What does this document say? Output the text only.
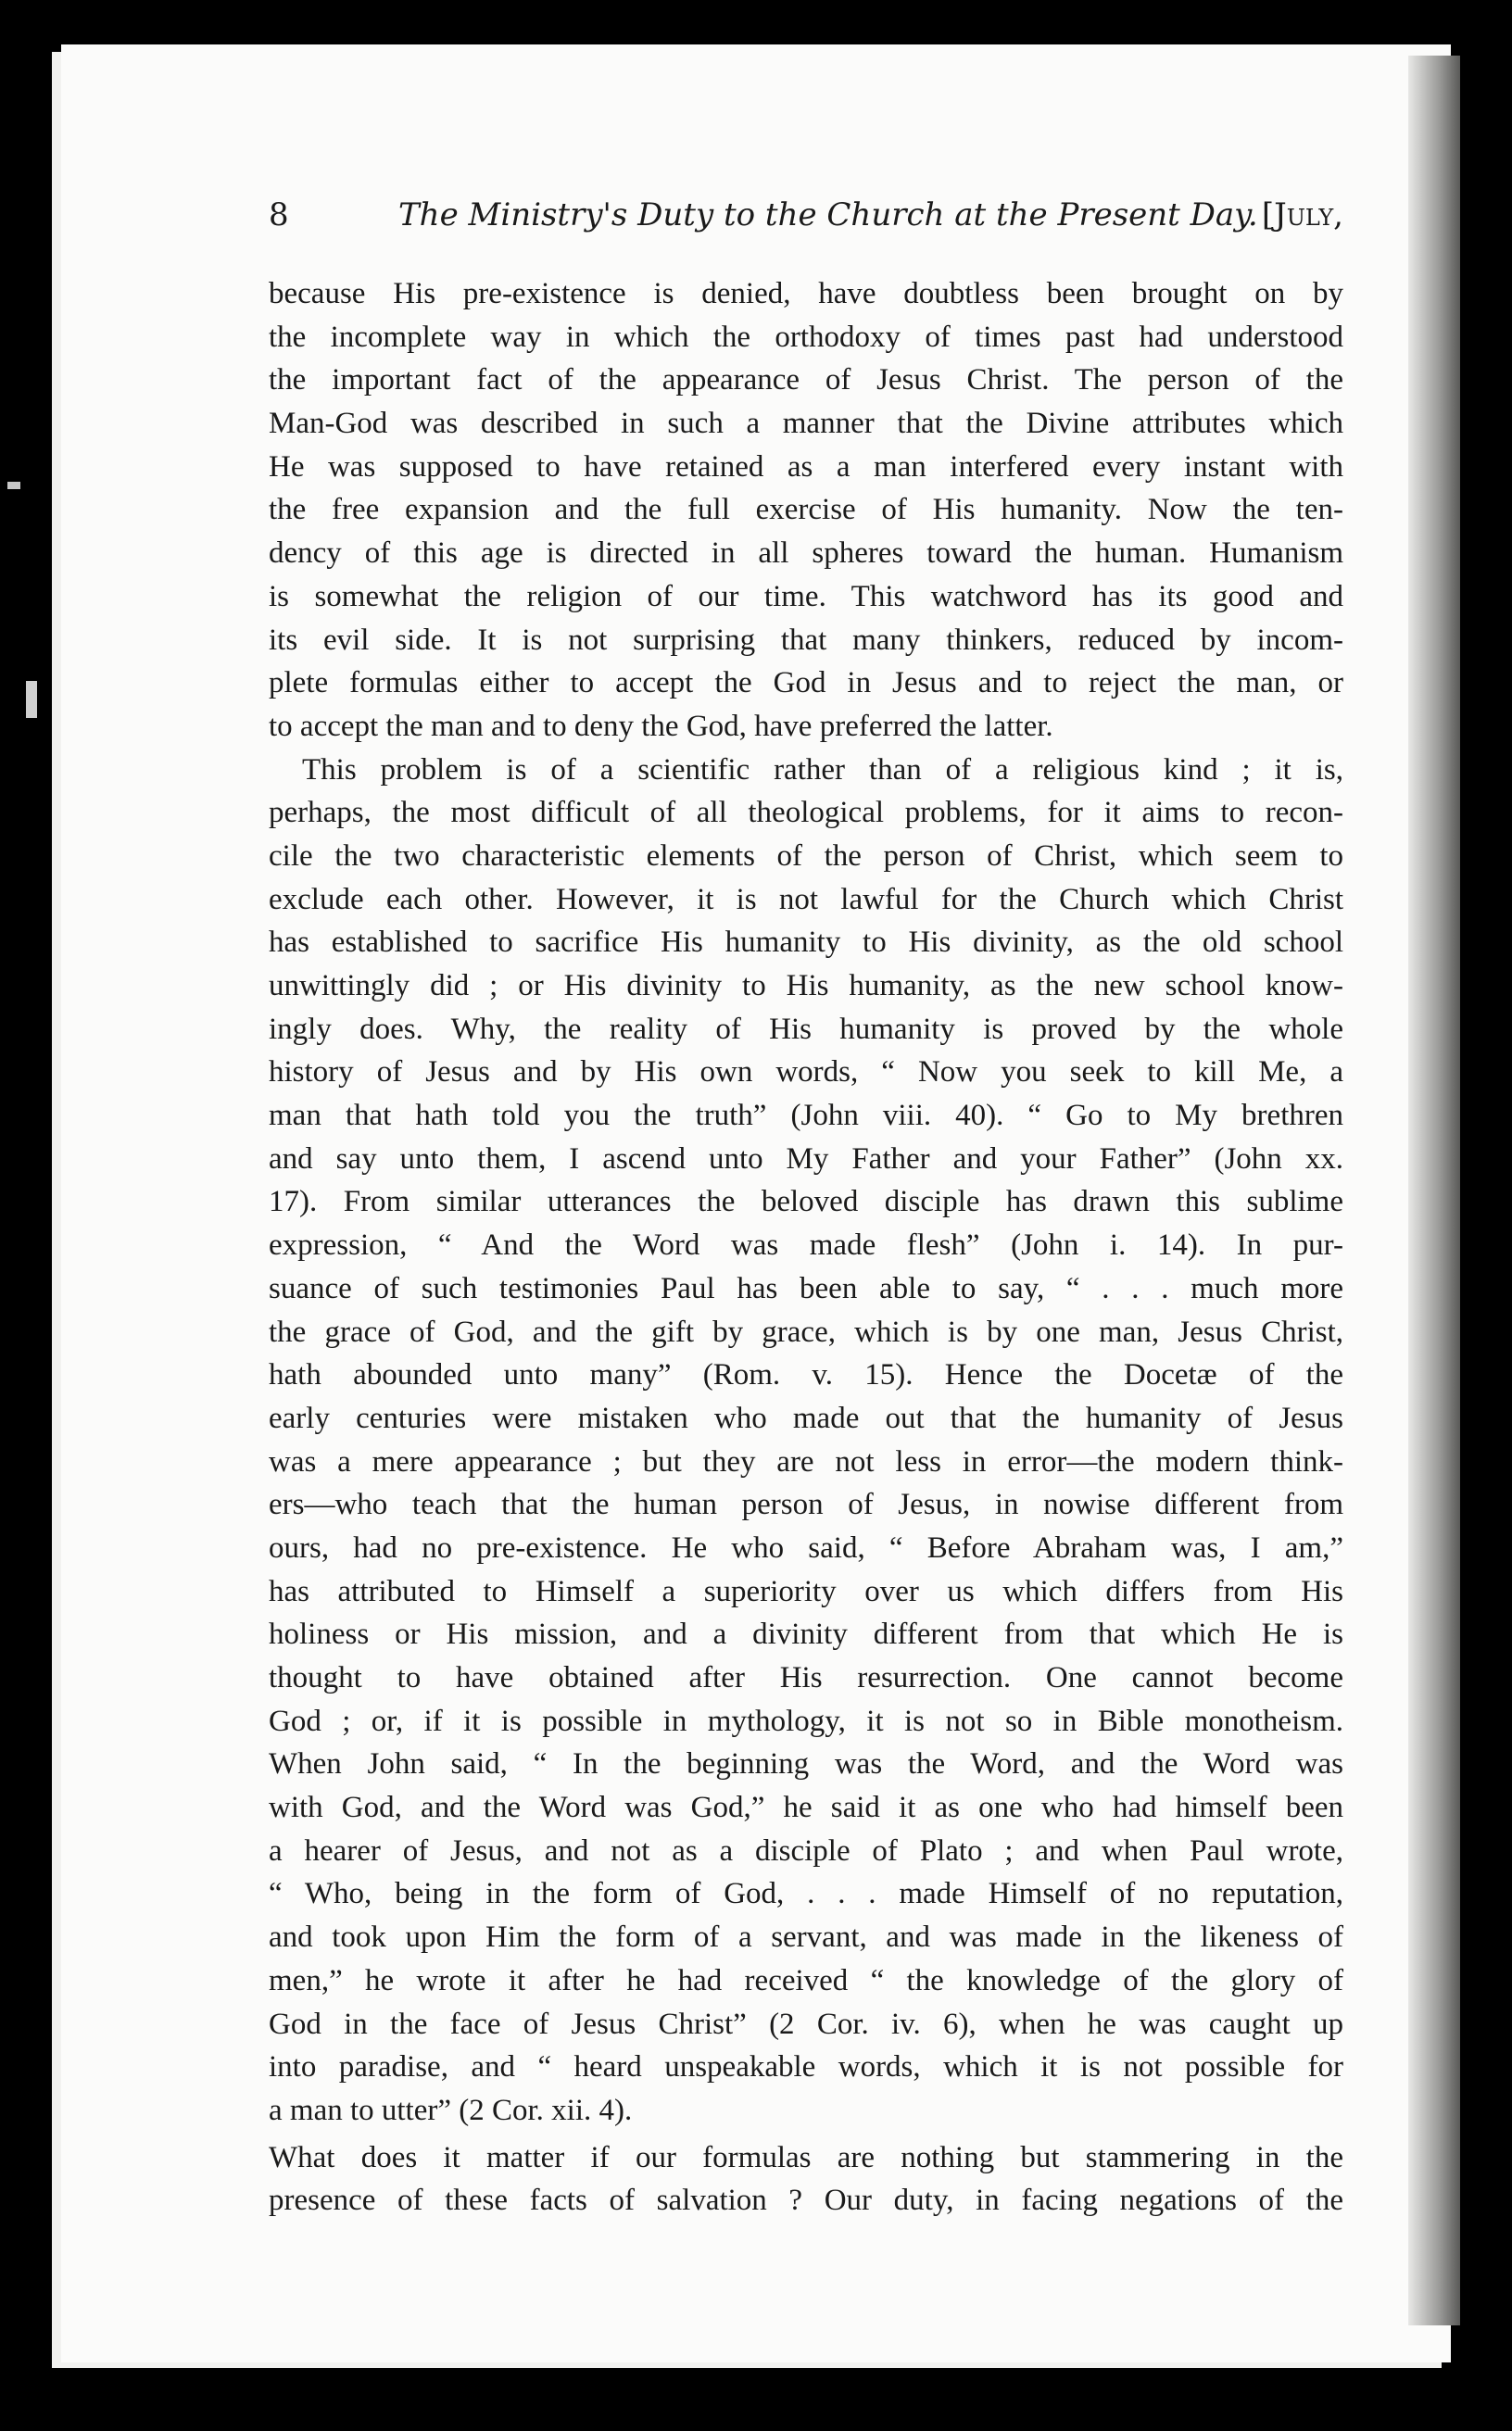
8	The Ministry's Duty to the Church at the Present Day. [July,
because His pre-existence is denied, have doubtless been brought on by
the incomplete way in which the orthodoxy of times past had understood
the important fact of the appearance of Jesus Christ. The person of the
Man-God was described in such a manner that the Divine attributes which
He was supposed to have retained as a man interfered every instant with
the free expansion and the full exercise of His humanity. Now the ten-
dency of this age is directed in all spheres toward the human. Humanism
is somewhat the religion of our time. This watchword has its good and
its evil side. It is not surprising that many thinkers, reduced by incom-
plete formulas either to accept the God in Jesus and to reject the man, or
to accept the man and to deny the God, have preferred the latter.
This problem is of a scientific rather than of a religious kind ; it is,
perhaps, the most difficult of all theological problems, for it aims to recon-
cile the two characteristic elements of the person of Christ, which seem to
exclude each other. However, it is not lawful for the Church which Christ
has established to sacrifice His humanity to His divinity, as the old school
unwittingly did ; or His divinity to His humanity, as the new school know-
ingly does. Why, the reality of His humanity is proved by the whole
history of Jesus and by His own words, “ Now you seek to kill Me, a
man that hath told you the truth” (John viii. 40). “ Go to My brethren
and say unto them, I ascend unto My Father and your Father” (John xx.
17). From similar utterances the beloved disciple has drawn this sublime
expression, “ And the Word was made flesh” (John i. 14). In pur-
suance of such testimonies Paul has been able to say, “ . . . much more
the grace of God, and the gift by grace, which is by one man, Jesus Christ,
hath abounded unto many” (Rom. v. 15). Hence the Docetæ of the
early centuries were mistaken who made out that the humanity of Jesus
was a mere appearance ; but they are not less in error—the modern think-
ers—who teach that the human person of Jesus, in nowise different from
ours, had no pre-existence. He who said, “ Before Abraham was, I am,”
has attributed to Himself a superiority over us which differs from His
holiness or His mission, and a divinity different from that which He is
thought to have obtained after His resurrection. One cannot become
God ; or, if it is possible in mythology, it is not so in Bible monotheism.
When John said, “ In the beginning was the Word, and the Word was
with God, and the Word was God,” he said it as one who had himself been
a hearer of Jesus, and not as a disciple of Plato ; and when Paul wrote,
“ Who, being in the form of God, . . . made Himself of no reputation,
and took upon Him the form of a servant, and was made in the likeness of
men,” he wrote it after he had received “ the knowledge of the glory of
God in the face of Jesus Christ” (2 Cor. iv. 6), when he was caught up
into paradise, and “ heard unspeakable words, which it is not possible for
a man to utter” (2 Cor. xii. 4).
What does it matter if our formulas are nothing but stammering in the
presence of these facts of salvation ? Our duty, in facing negations of the
